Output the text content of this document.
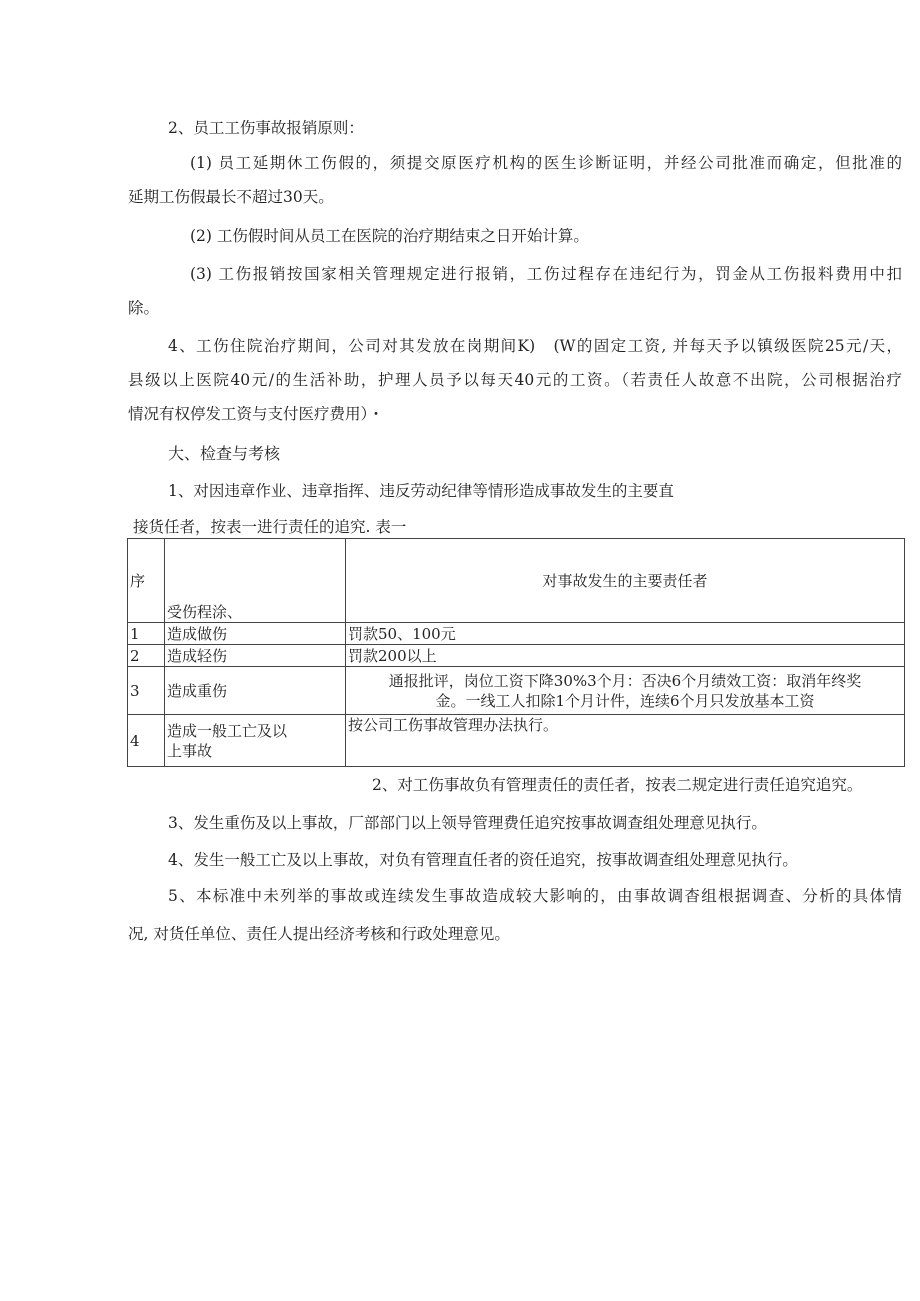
2、员工工伤事故报销原则：
(1) 员工延期休工伤假的，须提交原医疗机构的医生诊断证明，并经公司批准而确定，但批准的
延期工伤假最长不超过30天。
(2) 工伤假时间从员工在医院的治疗期结束之日开始计算。
(3) 工伤报销按国家相关管理规定进行报销，工伤过程存在违纪行为，罚金从工伤报料费用中扣
除。
4、工伤住院治疗期间，公司对其发放在岗期间K)　(W的固定工资, 并每天予以镇级医院25元/天，
县级以上医院40元/的生活补助，护理人员予以每天40元的工资。（若责任人故意不出院，公司根据治疗
情况有权停发工资与支付医疗费用）・
大、检查与考核
1、对因违章作业、违章指挥、违反劳动纪律等情形造成事故发生的主要直
接货任者，按表一进行责任的追究. 表一
序	受伤程涂、	对事故发生的主要责任者
1	造成做伤	罚款50、100元
2	造成轻伤	罚款200以上
3	造成重伤	通报批评，岗位工资下降30%3个月：否决6个月绩效工资：取消年终奖
金。一线工人扣除1个月计件，连续6个月只发放基本工资

4	造成一般工亡及以
上事故	按公司工伤事故管理办法执行。
2、对工伤事故负有管理责任的责任者，按表二规定进行责任追究追究。
3、发生重伤及以上事故，厂部部门以上领导管理费任追究按事故调查组处理意见执行。
4、发生一般工亡及以上事故，对负有管理直任者的资任追究，按事故调查组处理意见执行。
5、本标准中未列举的事故或连续发生事故造成较大影响的，由事故调杳组根据调查、分析的具体情
况, 对货任单位、责任人提出经济考核和行政处理意见。
